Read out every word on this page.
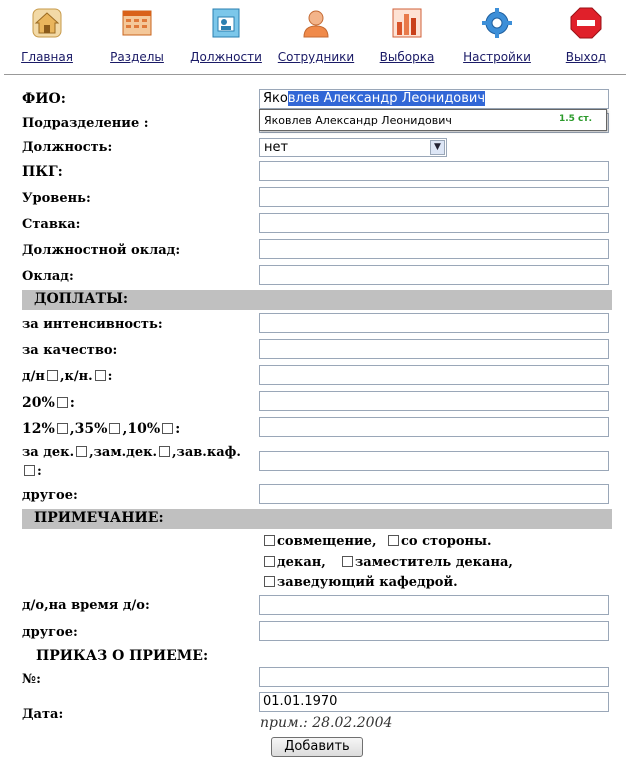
Главная	Разделы	Должности	Сотрудники	Выборка	Настройки	Выход
ФИО:	Яковлев Александр Леонидович
Подразделение :	Яковлев Александр Леонидович	1.5 ст.
Должность:	нет	▼
ПКГ:
Уровень:
Ставка:
Должностной оклад:
Оклад:
ДОПЛАТЫ:
за интенсивность:
за качество:
д/н ,к/н. :
20% :
12% ,35% ,10% :
за дек. ,зам.дек. ,зав.каф.
:
другое:
ПРИМЕЧАНИЕ:
совмещение,	со стороны.
декан,	заместитель декана,
заведующий кафедрой.
д/о,на время д/о:
другое:
ПРИКАЗ О ПРИЕМЕ:
№:
Дата:
01.01.1970
прим.: 28.02.2004
Добавить
